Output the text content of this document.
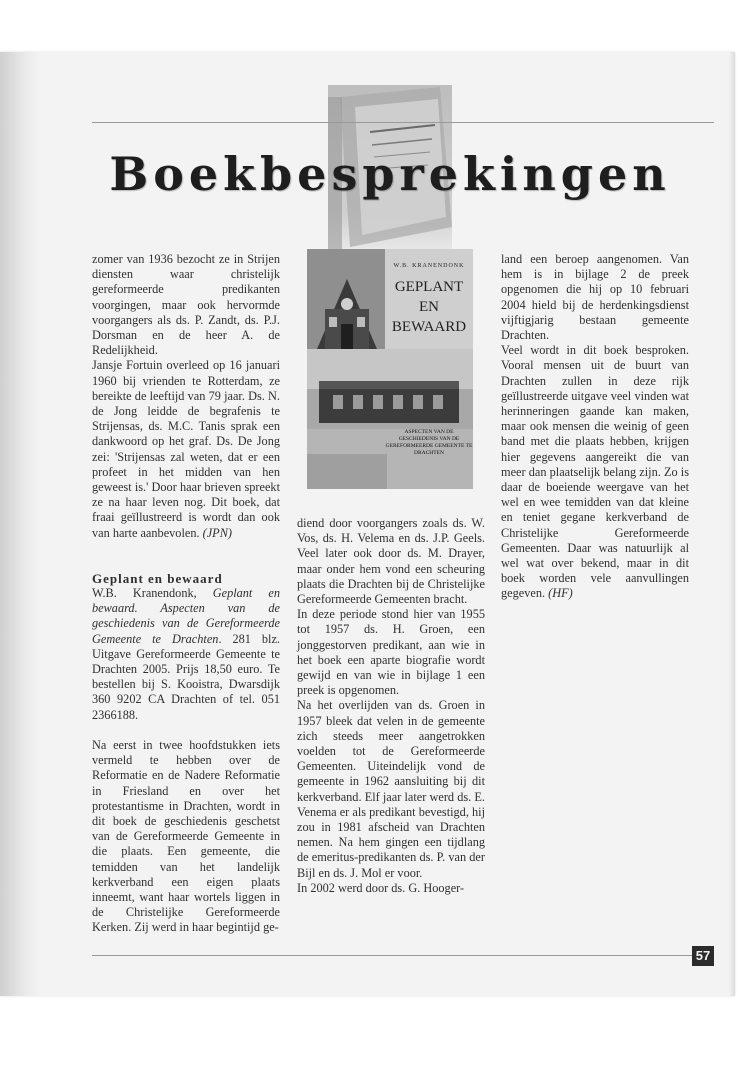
Boekbesprekingen

zomer van 1936 bezocht ze in Strijen diensten waar christelijk gereformeerde predikanten voorgingen, maar ook hervormde voorgangers als ds. P. Zandt, ds. P.J. Dorsman en de heer A. de Redelijkheid.

Jansje Fortuin overleed op 16 januari 1960 bij vrienden te Rotterdam, ze bereikte de leeftijd van 79 jaar. Ds. N. de Jong leidde de begrafenis te Strijensas, ds. M.C. Tanis sprak een dankwoord op het graf. Ds. De Jong zei: 'Strijensas zal weten, dat er een profeet in het midden van hen geweest is.' Door haar brieven spreekt ze na haar leven nog. Dit boek, dat fraai geïllustreerd is wordt dan ook van harte aanbevolen. (JPN)

Geplant en bewaard

W.B. Kranendonk, Geplant en bewaard. Aspecten van de geschiedenis van de Gereformeerde Gemeente te Drachten. 281 blz. Uitgave Gereformeerde Gemeente te Drachten 2005. Prijs 18,50 euro. Te bestellen bij S. Kooistra, Dwarsdijk 360 9202 CA Drachten of tel. 051 2366188.

Na eerst in twee hoofdstukken iets vermeld te hebben over de Reformatie en de Nadere Reformatie in Friesland en over het protestantisme in Drachten, wordt in dit boek de geschiedenis geschetst van de Gereformeerde Gemeente in die plaats. Een gemeente, die temidden van het landelijk kerkverband een eigen plaats inneemt, want haar wortels liggen in de Christelijke Gereformeerde Kerken. Zij werd in haar begintijd ge-

W.B. KRANENDONK
GEPLANT
EN
BEWAARD
ASPECTEN VAN DE GESCHIEDENIS VAN DE GEREFORMEERDE GEMEENTE TE DRACHTEN

diend door voorgangers zoals ds. W. Vos, ds. H. Velema en ds. J.P. Geels. Veel later ook door ds. M. Drayer, maar onder hem vond een scheuring plaats die Drachten bij de Christelijke Gereformeerde Gemeenten bracht.

In deze periode stond hier van 1955 tot 1957 ds. H. Groen, een jonggestorven predikant, aan wie in het boek een aparte biografie wordt gewijd en van wie in bijlage 1 een preek is opgenomen.

Na het overlijden van ds. Groen in 1957 bleek dat velen in de gemeente zich steeds meer aangetrokken voelden tot de Gereformeerde Gemeenten. Uiteindelijk vond de gemeente in 1962 aansluiting bij dit kerkverband. Elf jaar later werd ds. E. Venema er als predikant bevestigd, hij zou in 1981 afscheid van Drachten nemen. Na hem gingen een tijdlang de emeritus-predikanten ds. P. van der Bijl en ds. J. Mol er voor.

In 2002 werd door ds. G. Hooger-

land een beroep aangenomen. Van hem is in bijlage 2 de preek opgenomen die hij op 10 februari 2004 hield bij de herdenkingsdienst vijftigjarig bestaan gemeente Drachten.

Veel wordt in dit boek besproken. Vooral mensen uit de buurt van Drachten zullen in deze rijk geïllustreerde uitgave veel vinden wat herinneringen gaande kan maken, maar ook mensen die weinig of geen band met die plaats hebben, krijgen hier gegevens aangereikt die van meer dan plaatselijk belang zijn. Zo is daar de boeiende weergave van het wel en wee temidden van dat kleine en teniet gegane kerkverband de Christelijke Gereformeerde Gemeenten. Daar was natuurlijk al wel wat over bekend, maar in dit boek worden vele aanvullingen gegeven. (HF)

57
